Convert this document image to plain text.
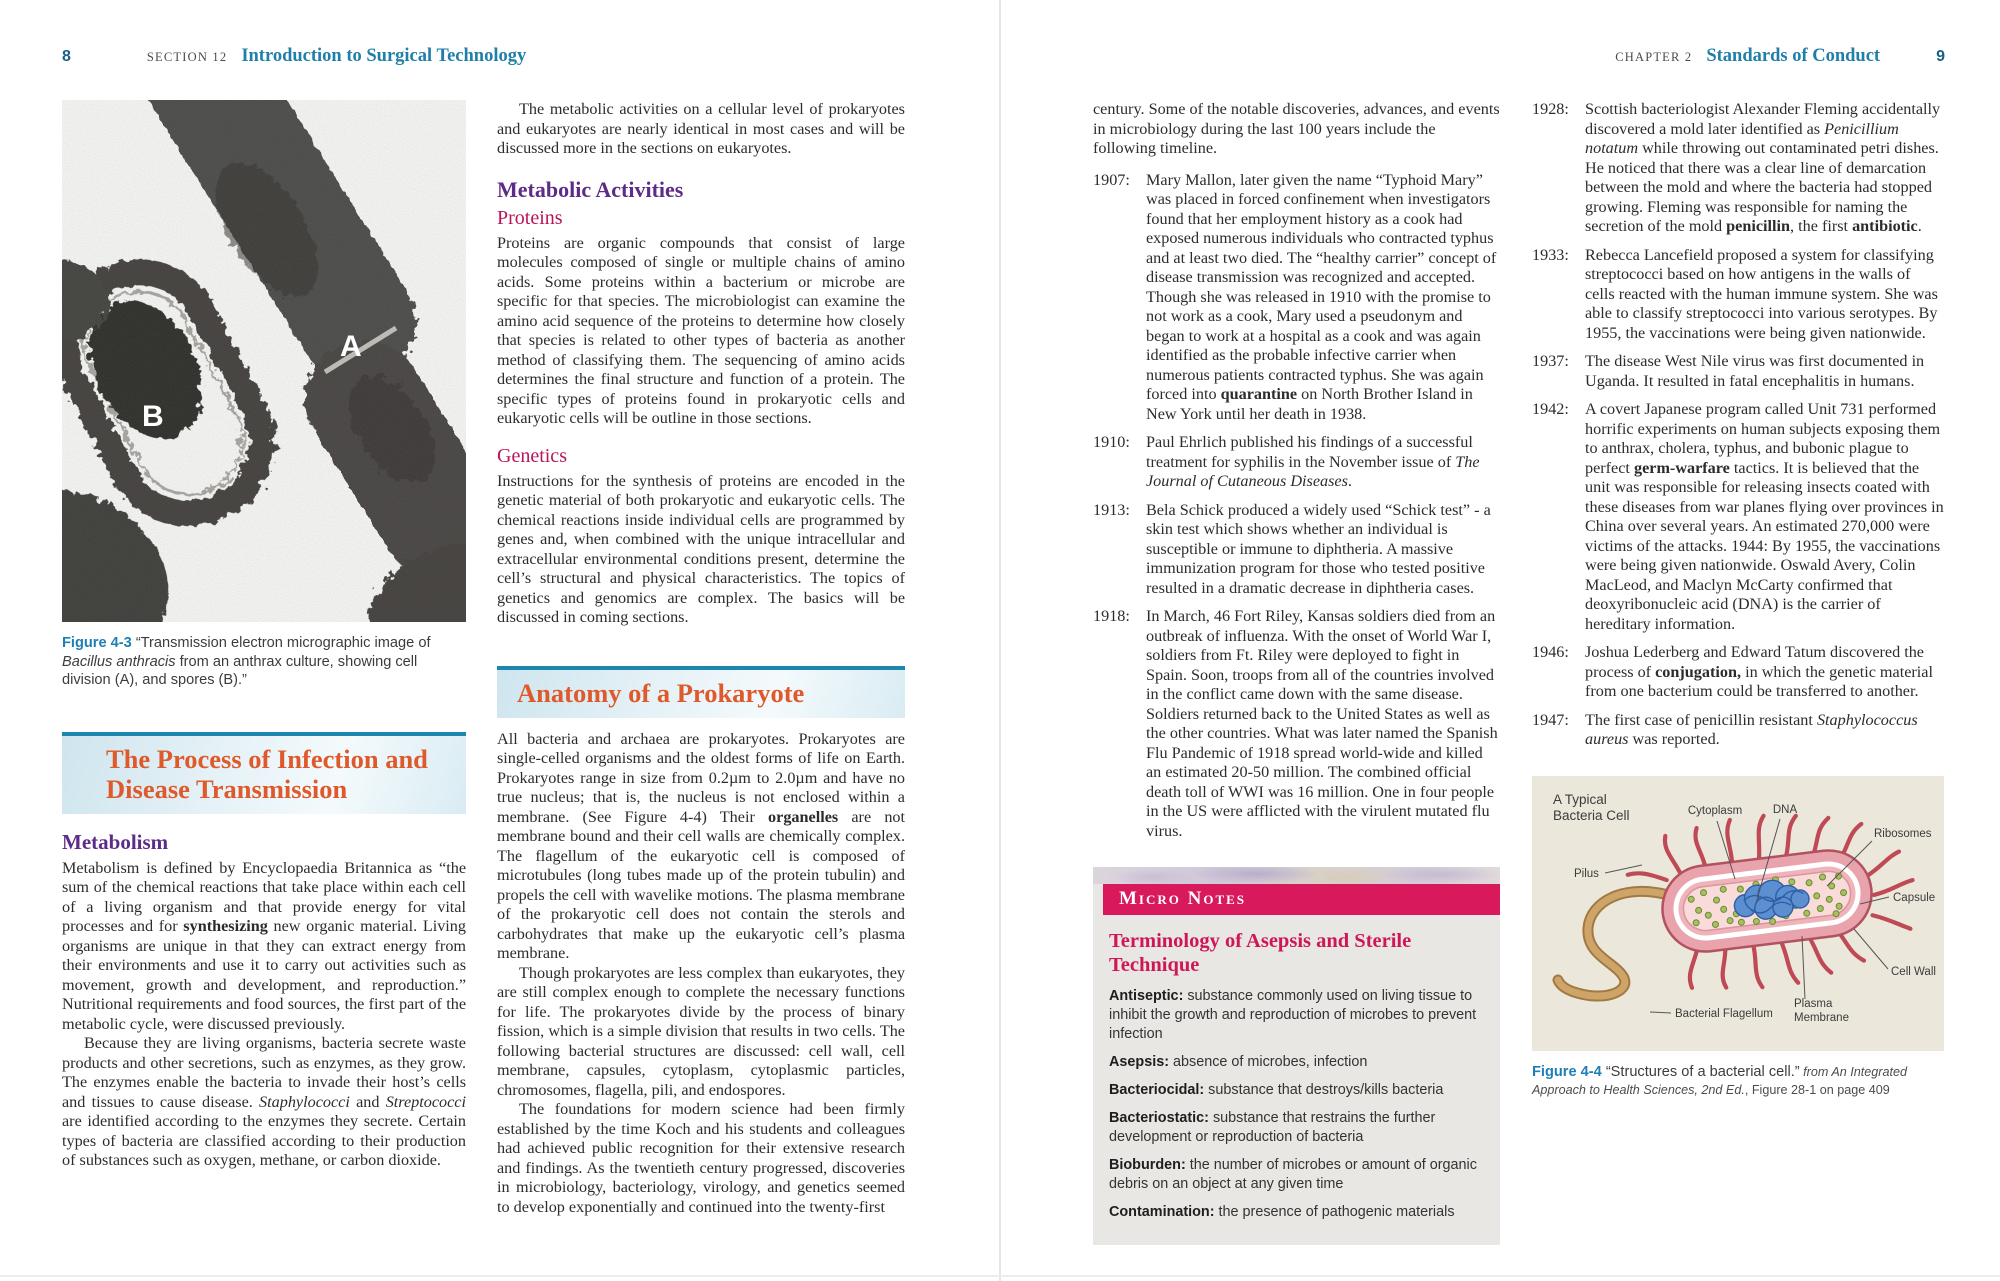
8	SECTION 12 Introduction to Surgical Technology
A
B
Figure 4-3 “Transmission electron micrographic image of Bacillus anthracis from an anthrax culture, showing cell division (A), and spores (B).”
The Process of Infection and
Disease Transmission
Metabolism

Metabolism is defined by Encyclopaedia Britannica as “the sum of the chemical reactions that take place within each cell of a living organism and that provide energy for vital processes and for synthesizing new organic material. Living organisms are unique in that they can extract energy from their environments and use it to carry out activities such as movement, growth and development, and reproduction.” Nutritional requirements and food sources, the first part of the metabolic cycle, were discussed previously.

Because they are living organisms, bacteria secrete waste products and other secretions, such as enzymes, as they grow. The enzymes enable the bacteria to invade their host’s cells and tissues to cause disease. Staphylococci and Streptococci are identified according to the enzymes they secrete. Certain types of bacteria are classified according to their production of substances such as oxygen, methane, or carbon dioxide.

The metabolic activities on a cellular level of prokaryotes and eukaryotes are nearly identical in most cases and will be discussed more in the sections on eukaryotes.

Metabolic Activities
Proteins

Proteins are organic compounds that consist of large molecules composed of single or multiple chains of amino acids. Some proteins within a bacterium or microbe are specific for that species. The microbiologist can examine the amino acid sequence of the proteins to determine how closely that species is related to other types of bacteria as another method of classifying them. The sequencing of amino acids determines the final structure and function of a protein. The specific types of proteins found in prokaryotic cells and eukaryotic cells will be outline in those sections.

Genetics

Instructions for the synthesis of proteins are encoded in the genetic material of both prokaryotic and eukaryotic cells. The chemical reactions inside individual cells are programmed by genes and, when combined with the unique intracellular and extracellular environmental conditions present, determine the cell’s structural and physical characteristics. The topics of genetics and genomics are complex. The basics will be discussed in coming sections.

Anatomy of a Prokaryote

All bacteria and archaea are prokaryotes. Prokaryotes are single-celled organisms and the oldest forms of life on Earth. Prokaryotes range in size from 0.2µm to 2.0µm and have no true nucleus; that is, the nucleus is not enclosed within a membrane. (See Figure 4-4) Their organelles are not membrane bound and their cell walls are chemically complex. The flagellum of the eukaryotic cell is composed of microtubules (long tubes made up of the protein tubulin) and propels the cell with wavelike motions. The plasma membrane of the prokaryotic cell does not contain the sterols and carbohydrates that make up the eukaryotic cell’s plasma membrane.

Though prokaryotes are less complex than eukaryotes, they are still complex enough to complete the necessary functions for life. The prokaryotes divide by the process of binary fission, which is a simple division that results in two cells. The following bacterial structures are discussed: cell wall, cell membrane, capsules, cytoplasm, cytoplasmic particles, chromosomes, flagella, pili, and endospores.

The foundations for modern science had been firmly established by the time Koch and his students and colleagues had achieved public recognition for their extensive research and findings. As the twentieth century progressed, discoveries in microbiology, bacteriology, virology, and genetics seemed to develop exponentially and continued into the twenty-first

CHAPTER 2 Standards of Conduct	9

century. Some of the notable discoveries, advances, and events in microbiology during the last 100 years include the following timeline.

1907: Mary Mallon, later given the name “Typhoid Mary” was placed in forced confinement when investigators found that her employment history as a cook had exposed numerous individuals who contracted typhus and at least two died. The “healthy carrier” concept of disease transmission was recognized and accepted. Though she was released in 1910 with the promise to not work as a cook, Mary used a pseudonym and began to work at a hospital as a cook and was again identified as the probable infective carrier when numerous patients contracted typhus. She was again forced into quarantine on North Brother Island in New York until her death in 1938.
1910: Paul Ehrlich published his findings of a successful treatment for syphilis in the November issue of The Journal of Cutaneous Diseases.
1913: Bela Schick produced a widely used “Schick test” - a skin test which shows whether an individual is susceptible or immune to diphtheria. A massive immunization program for those who tested positive resulted in a dramatic decrease in diphtheria cases.
1918: In March, 46 Fort Riley, Kansas soldiers died from an outbreak of influenza. With the onset of World War I, soldiers from Ft. Riley were deployed to fight in Spain. Soon, troops from all of the countries involved in the conflict came down with the same disease. Soldiers returned back to the United States as well as the other countries. What was later named the Spanish Flu Pandemic of 1918 spread world-wide and killed an estimated 20-50 million. The combined official death toll of WWI was 16 million. One in four people in the US were afflicted with the virulent mutated flu virus.
Micro Notes
Terminology of Asepsis and Sterile Technique
Antiseptic: substance commonly used on living tissue to inhibit the growth and reproduction of microbes to prevent infection
Asepsis: absence of microbes, infection
Bacteriocidal: substance that destroys/kills bacteria
Bacteriostatic: substance that restrains the further development or reproduction of bacteria
Bioburden: the number of microbes or amount of organic debris on an object at any given time
Contamination: the presence of pathogenic materials
1928: Scottish bacteriologist Alexander Fleming accidentally discovered a mold later identified as Penicillium notatum while throwing out contaminated petri dishes. He noticed that there was a clear line of demarcation between the mold and where the bacteria had stopped growing. Fleming was responsible for naming the secretion of the mold penicillin, the first antibiotic.
1933: Rebecca Lancefield proposed a system for classifying streptococci based on how antigens in the walls of cells reacted with the human immune system. She was able to classify streptococci into various serotypes. By 1955, the vaccinations were being given nationwide.
1937: The disease West Nile virus was first documented in Uganda. It resulted in fatal encephalitis in humans.
1942: A covert Japanese program called Unit 731 performed horrific experiments on human subjects exposing them to anthrax, cholera, typhus, and bubonic plague to perfect germ-warfare tactics. It is believed that the unit was responsible for releasing insects coated with these diseases from war planes flying over provinces in China over several years. An estimated 270,000 were victims of the attacks. 1944: By 1955, the vaccinations were being given nationwide. Oswald Avery, Colin MacLeod, and Maclyn McCarty confirmed that deoxyribonucleic acid (DNA) is the carrier of hereditary information.
1946: Joshua Lederberg and Edward Tatum discovered the process of conjugation, in which the genetic material from one bacterium could be transferred to another.
1947: The first case of penicillin resistant Staphylococcus aureus was reported.
A Typical
Bacteria Cell	Cytoplasm	DNA
Ribosomes
Pilus
Capsule
Cell Wall
Plasma
Membrane
Bacterial Flagellum
Figure 4-4 “Structures of a bacterial cell.” from An Integrated Approach to Health Sciences, 2nd Ed., Figure 28-1 on page 409
